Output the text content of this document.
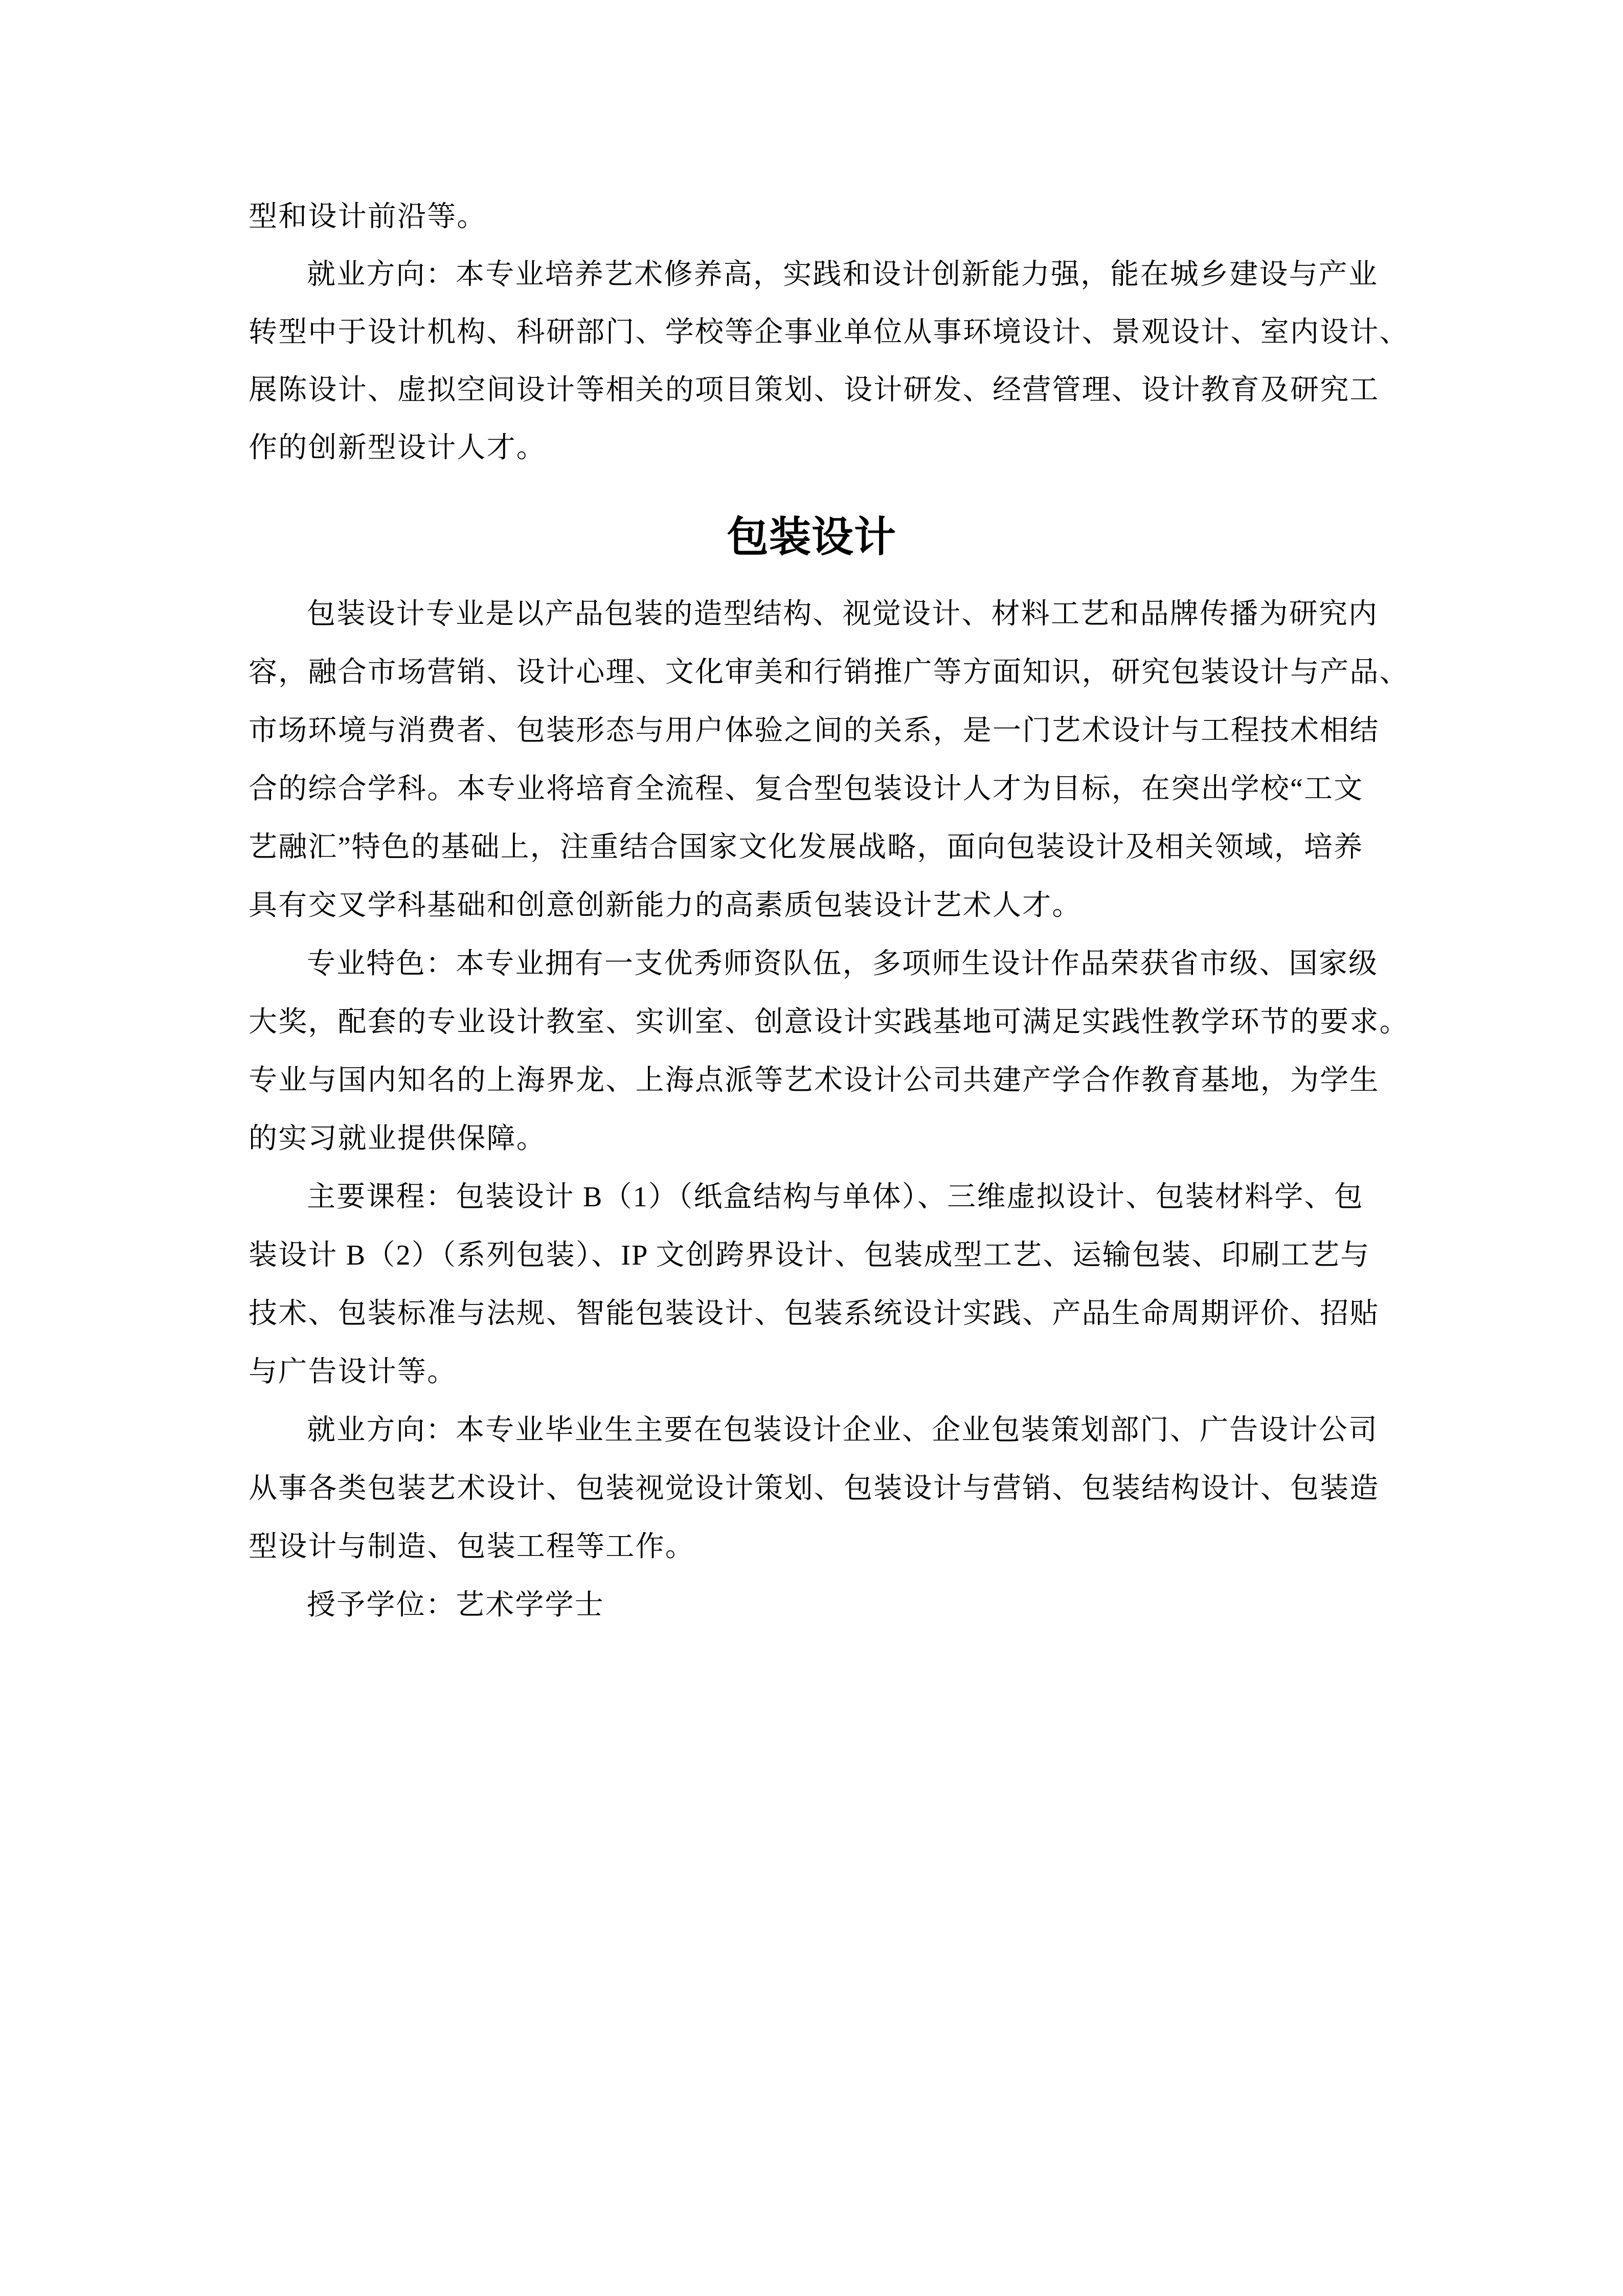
型和设计前沿等。
就业方向：本专业培养艺术修养高，实践和设计创新能力强，能在城乡建设与产业
转型中于设计机构、科研部门、学校等企事业单位从事环境设计、景观设计、室内设计、
展陈设计、虚拟空间设计等相关的项目策划、设计研发、经营管理、设计教育及研究工
作的创新型设计人才。
包装设计
包装设计专业是以产品包装的造型结构、视觉设计、材料工艺和品牌传播为研究内
容，融合市场营销、设计心理、文化审美和行销推广等方面知识，研究包装设计与产品、
市场环境与消费者、包装形态与用户体验之间的关系，是一门艺术设计与工程技术相结
合的综合学科。本专业将培育全流程、复合型包装设计人才为目标，在突出学校“工文
艺融汇”特色的基础上，注重结合国家文化发展战略，面向包装设计及相关领域，培养
具有交叉学科基础和创意创新能力的高素质包装设计艺术人才。
专业特色：本专业拥有一支优秀师资队伍，多项师生设计作品荣获省市级、国家级
大奖，配套的专业设计教室、实训室、创意设计实践基地可满足实践性教学环节的要求。
专业与国内知名的上海界龙、上海点派等艺术设计公司共建产学合作教育基地，为学生
的实习就业提供保障。
主要课程：包装设计 B（1）（纸盒结构与单体）、三维虚拟设计、包装材料学、包
装设计 B（2）（系列包装）、IP 文创跨界设计、包装成型工艺、运输包装、印刷工艺与
技术、包装标准与法规、智能包装设计、包装系统设计实践、产品生命周期评价、招贴
与广告设计等。
就业方向：本专业毕业生主要在包装设计企业、企业包装策划部门、广告设计公司
从事各类包装艺术设计、包装视觉设计策划、包装设计与营销、包装结构设计、包装造
型设计与制造、包装工程等工作。
授予学位：艺术学学士
